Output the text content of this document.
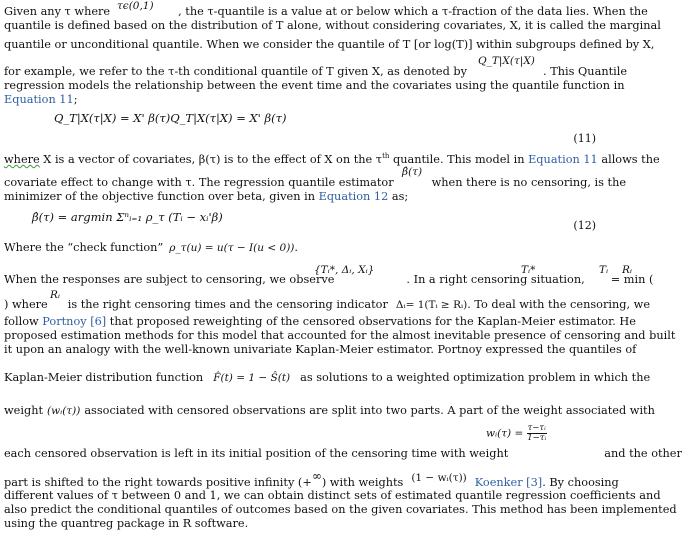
τϵ(0,1)
Given any τ where	, the τ-quantile is a value at or below which a τ-fraction of the data lies. When the
quantile is defined based on the distribution of T alone, without considering covariates, X, it is called the marginal
quantile or unconditional quantile. When we consider the quantile of T [or log(T)] within subgroups defined by X,
Q_T|X(τ|X)
for example, we refer to the τ-th conditional quantile of T given X, as denoted by	. This Quantile
regression models the relationship between the event time and the covariates using the quantile function in
Equation 11;
Q_T|X(τ|X) = X' β(τ)Q_T|X(τ|X) = X' β(τ)
(11)
where X is a vector of covariates, β(τ) is to the effect of X on the $\tau^{th}$ quantile. This model in Equation 11 allows the
β̂(τ)
covariate effect to change with τ. The regression quantile estimator	when there is no censoring, is the
minimizer of the objective function over beta, given in Equation 12 as;
β̂(τ) = argmin Σⁿᵢ₌₁ ρ_τ (Tᵢ − xᵢ'β)
(12)
Where the “check function” ρ_τ(u) = u(τ − I(u < 0)).
{Tᵢ*, Δᵢ, Xᵢ}	Tᵢ*	Tᵢ Rᵢ
When the responses are subject to censoring, we observe	. In a right censoring situation, = min (
Rᵢ
) where is the right censoring times and the censoring indicator Δᵢ= 1(Tᵢ ≥ Rᵢ). To deal with the censoring, we
follow Portnoy [6] that proposed reweighting of the censored observations for the Kaplan-Meier estimator. He
proposed estimation methods for this model that accounted for the almost inevitable presence of censoring and built
it upon an analogy with the well-known univariate Kaplan-Meier estimator. Portnoy expressed the quantiles of
Kaplan-Meier distribution function F̂(t) = 1 − Ŝ(t) as solutions to a weighted optimization problem in which the
weight (wᵢ(τ)) associated with censored observations are split into two parts. A part of the weight associated with
wᵢ(τ) = $\frac{\text{τ−τᵢ}}{\text{1−τᵢ}}$
each censored observation is left in its initial position of the censoring time with weight	and the other
part is shifted to the right towards positive infinity (+∞) with weights (1 − wᵢ(τ)) Koenker [3]. By choosing
different values of τ between 0 and 1, we can obtain distinct sets of estimated quantile regression coefficients and
also predict the conditional quantiles of outcomes based on the given covariates. This method has been implemented
using the quantreg package in R software.
